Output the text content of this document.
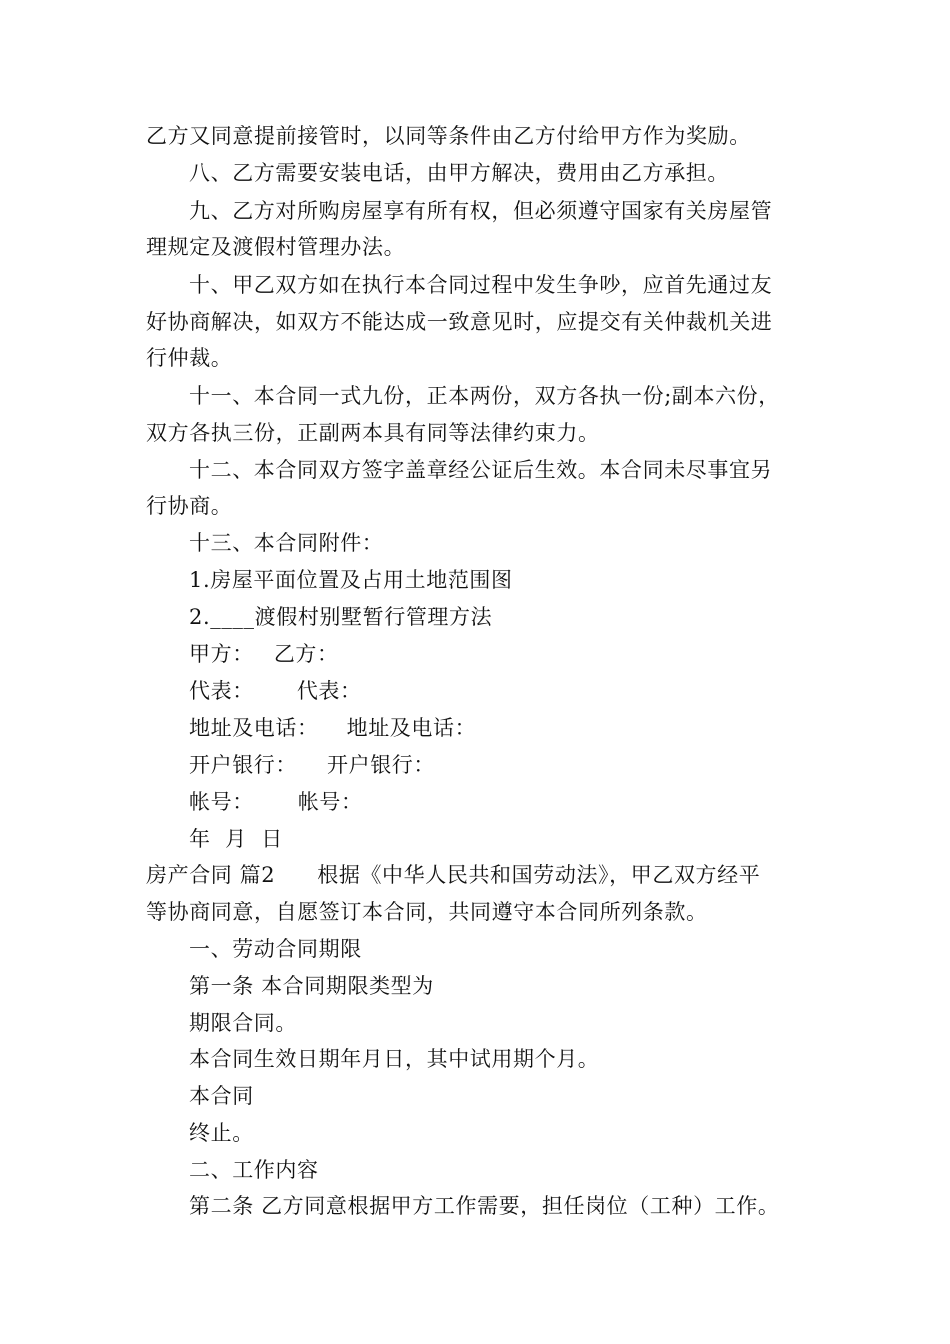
乙方又同意提前接管时，以同等条件由乙方付给甲方作为奖励。
八、乙方需要安装电话，由甲方解决，费用由乙方承担。
九、乙方对所购房屋享有所有权，但必须遵守国家有关房屋管
理规定及渡假村管理办法。
十、甲乙双方如在执行本合同过程中发生争吵，应首先通过友
好协商解决，如双方不能达成一致意见时，应提交有关仲裁机关进
行仲裁。
十一、本合同一式九份，正本两份，双方各执一份;副本六份，
双方各执三份，正副两本具有同等法律约束力。
十二、本合同双方签字盖章经公证后生效。本合同未尽事宜另
行协商。
十三、本合同附件：
1.房屋平面位置及占用土地范围图
2.____渡假村别墅暂行管理方法
甲方： 乙方：
代表： 代表：
地址及电话： 地址及电话：
开户银行： 开户银行：
帐号： 帐号：
年  月  日
房产合同 篇2 根据《中华人民共和国劳动法》，甲乙双方经平
等协商同意，自愿签订本合同，共同遵守本合同所列条款。
一、劳动合同期限
第一条 本合同期限类型为
期限合同。
本合同生效日期年月日，其中试用期个月。
本合同
终止。
二、工作内容
第二条 乙方同意根据甲方工作需要，担任岗位（工种）工作。
